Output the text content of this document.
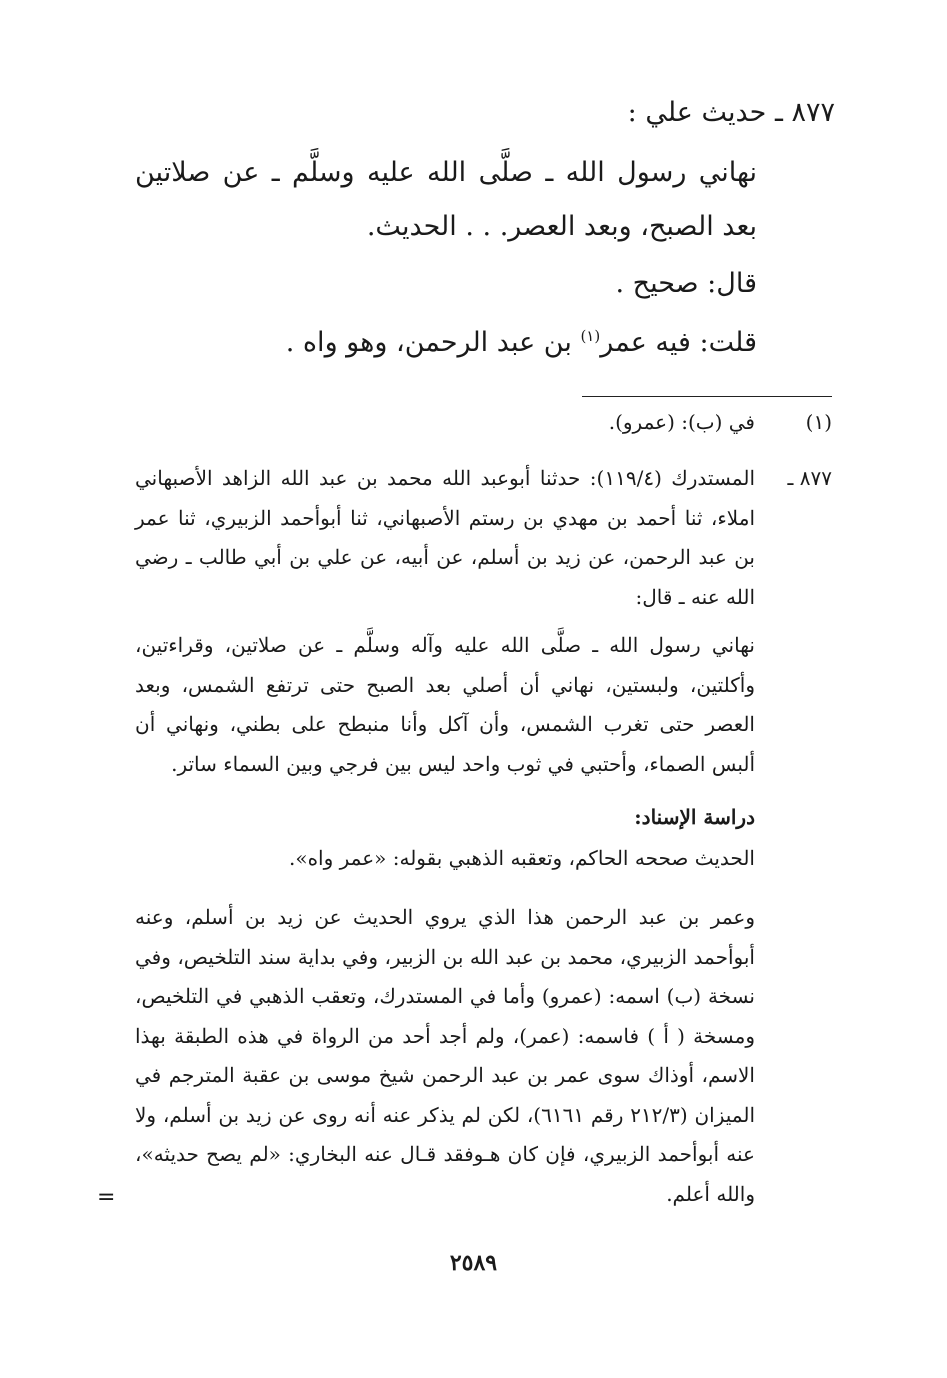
٨٧٧ ـ حديث علي :
نهاني رسول الله ـ صلَّى الله عليه وسلَّم ـ عن صلاتين بعد الصبح، وبعد العصر. . . الحديث.
قال: صحيح .
قلت: فيه عمر$^{(١)}$ بن عبد الرحمن، وهو واه .
(١)
في (ب): (عمرو).
٨٧٧ ـ
المستدرك (١١٩/٤): حدثنا أبوعبد الله محمد بن عبد الله الزاهد الأصبهاني املاء، ثنا أحمد بن مهدي بن رستم الأصبهاني، ثنا أبوأحمد الزبيري، ثنا عمر بن عبد الرحمن، عن زيد بن أسلم، عن أبيه، عن علي بن أبي طالب ـ رضي الله عنه ـ قال:
نهاني رسول الله ـ صلَّى الله عليه وآله وسلَّم ـ عن صلاتين، وقراءتين، وأكلتين، ولبستين، نهاني أن أصلي بعد الصبح حتى ترتفع الشمس، وبعد العصر حتى تغرب الشمس، وأن آكل وأنا منبطح على بطني، ونهاني أن ألبس الصماء، وأحتبي في ثوب واحد ليس بين فرجي وبين السماء ساتر.
دراسة الإسناد:
الحديث صححه الحاكم، وتعقبه الذهبي بقوله: «عمر واه».
وعمر بن عبد الرحمن هذا الذي يروي الحديث عن زيد بن أسلم، وعنه أبوأحمد الزبيري، محمد بن عبد الله بن الزبير، وفي بداية سند التلخيص، وفي نسخة (ب) اسمه: (عمرو) وأما في المستدرك، وتعقب الذهبي في التلخيص، ومسخة ( أ ) فاسمه: (عمر)، ولم أجد أحد من الرواة في هذه الطبقة بهذا الاسم، أوذاك سوى عمر بن عبد الرحمن شيخ موسى بن عقبة المترجم في الميزان (٢١٢/٣ رقم ٦١٦١)، لكن لم يذكر عنه أنه روى عن زيد بن أسلم، ولا عنه أبوأحمد الزبيري، فإن كان هـوفقد قـال عنه البخاري: «لم يصح حديثه»، والله أعلم.
=
٢٥٨٩
